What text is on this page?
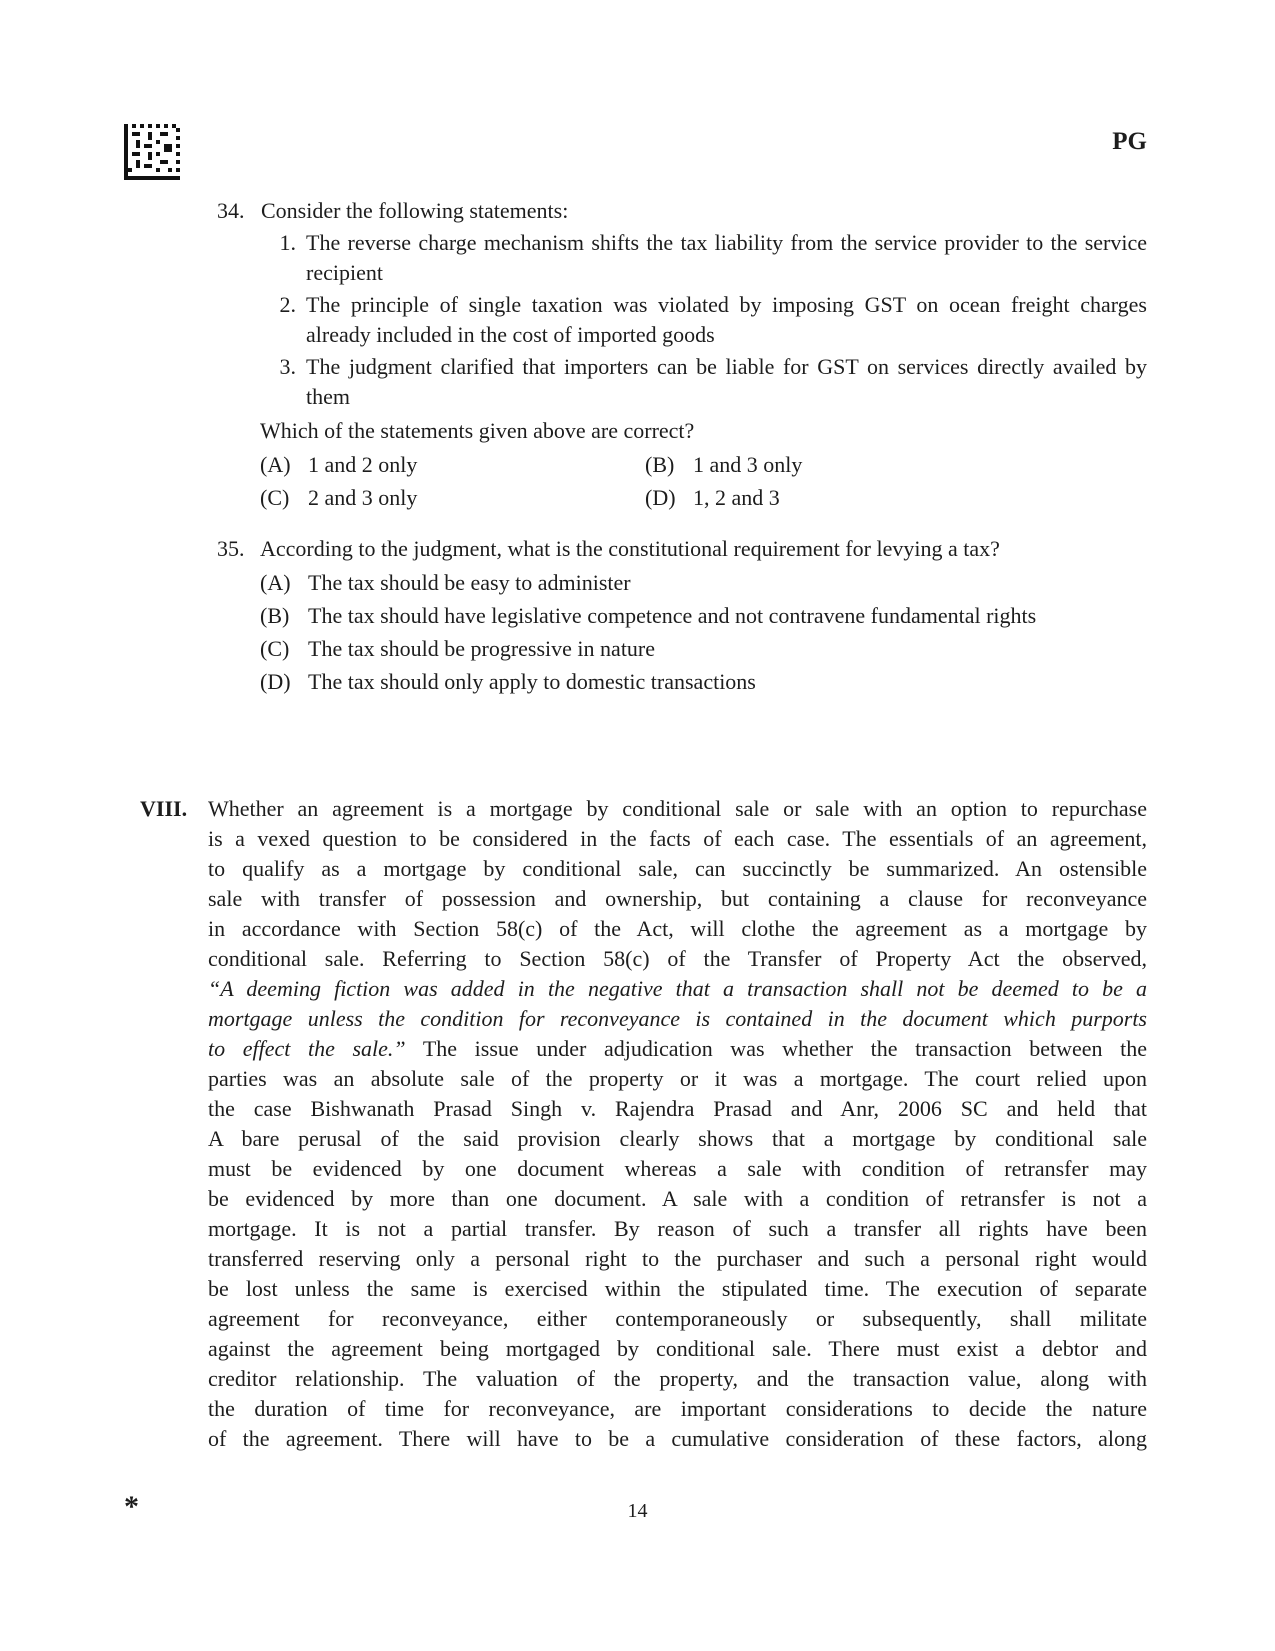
PG
34. Consider the following statements:
1. The reverse charge mechanism shifts the tax liability from the service provider to the service recipient
2. The principle of single taxation was violated by imposing GST on ocean freight charges already included in the cost of imported goods
3. The judgment clarified that importers can be liable for GST on services directly availed by them
Which of the statements given above are correct?
(A) 1 and 2 only	(B) 1 and 3 only
(C) 2 and 3 only	(D) 1, 2 and 3
35. According to the judgment, what is the constitutional requirement for levying a tax?
(A) The tax should be easy to administer
(B) The tax should have legislative competence and not contravene fundamental rights
(C) The tax should be progressive in nature
(D) The tax should only apply to domestic transactions
VIII. Whether an agreement is a mortgage by conditional sale or sale with an option to repurchase
is a vexed question to be considered in the facts of each case. The essentials of an agreement,
to qualify as a mortgage by conditional sale, can succinctly be summarized. An ostensible
sale with transfer of possession and ownership, but containing a clause for reconveyance
in accordance with Section 58(c) of the Act, will clothe the agreement as a mortgage by
conditional sale. Referring to Section 58(c) of the Transfer of Property Act the observed,
“A deeming fiction was added in the negative that a transaction shall not be deemed to be a
mortgage unless the condition for reconveyance is contained in the document which purports
to effect the sale.” The issue under adjudication was whether the transaction between the
parties was an absolute sale of the property or it was a mortgage. The court relied upon
the case Bishwanath Prasad Singh v. Rajendra Prasad and Anr, 2006 SC and held that
A bare perusal of the said provision clearly shows that a mortgage by conditional sale
must be evidenced by one document whereas a sale with condition of retransfer may
be evidenced by more than one document. A sale with a condition of retransfer is not a
mortgage. It is not a partial transfer. By reason of such a transfer all rights have been
transferred reserving only a personal right to the purchaser and such a personal right would
be lost unless the same is exercised within the stipulated time. The execution of separate
agreement for reconveyance, either contemporaneously or subsequently, shall militate
against the agreement being mortgaged by conditional sale. There must exist a debtor and
creditor relationship. The valuation of the property, and the transaction value, along with
the duration of time for reconveyance, are important considerations to decide the nature
of the agreement. There will have to be a cumulative consideration of these factors, along
*	14
